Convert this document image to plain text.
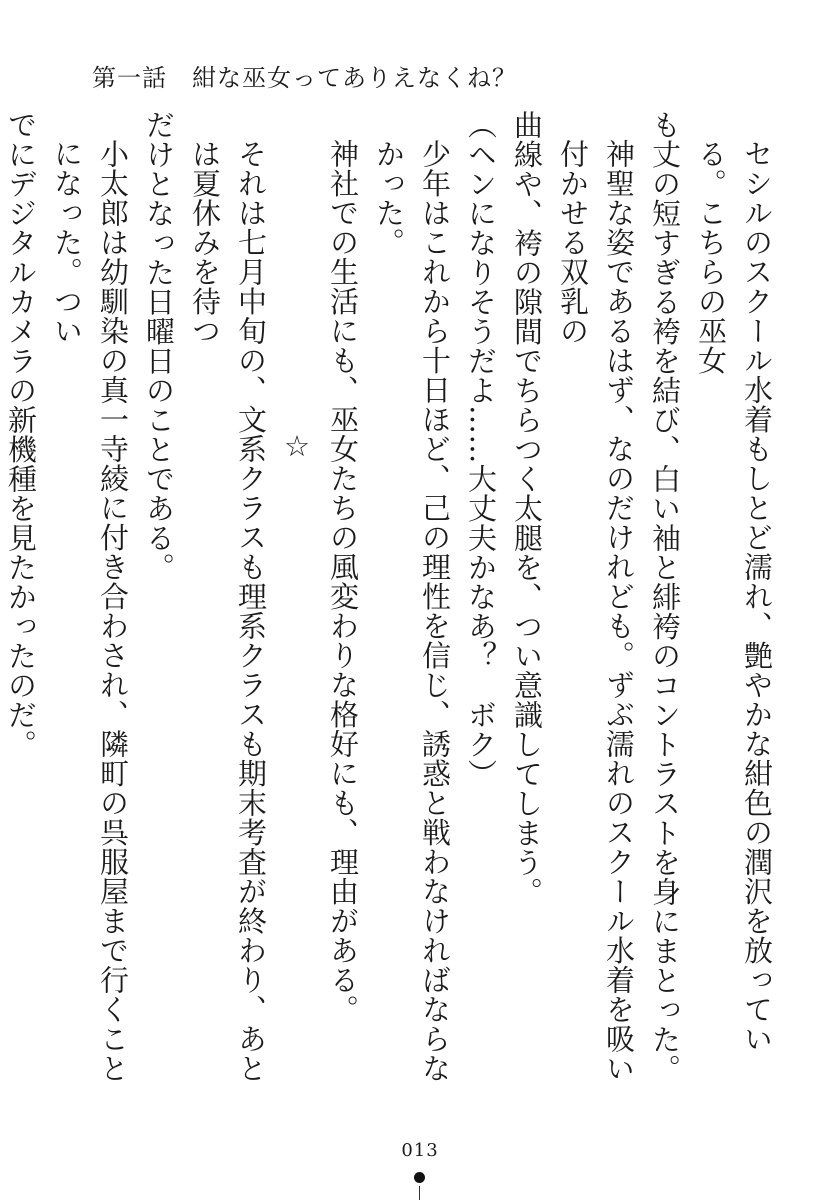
第一話　紺な巫女ってありえなくね？

セシルのスクール水着もしとど濡れ、艶やかな紺色の潤沢を放っている。こちらの巫女

も丈の短すぎる袴を結び、白い袖と緋袴のコントラストを身にまとった。

神聖な姿であるはず、なのだけれども。ずぶ濡れのスクール水着を吸い付かせる双乳の

曲線や、袴の隙間でちらつく太腿を、つい意識してしまう。

（ヘンになりそうだよ……大丈夫かなあ？　ボク）

少年はこれから十日ほど、己の理性を信じ、誘惑と戦わなければならなかった。

神社での生活にも、巫女たちの風変わりな格好にも、理由がある。

☆

それは七月中旬の、文系クラスも理系クラスも期末考査が終わり、あとは夏休みを待つ

だけとなった日曜日のことである。

小太郎は幼馴染の真一寺綾に付き合わされ、隣町の呉服屋まで行くことになった。つい

でにデジタルカメラの新機種を見たかったのだ。

013
